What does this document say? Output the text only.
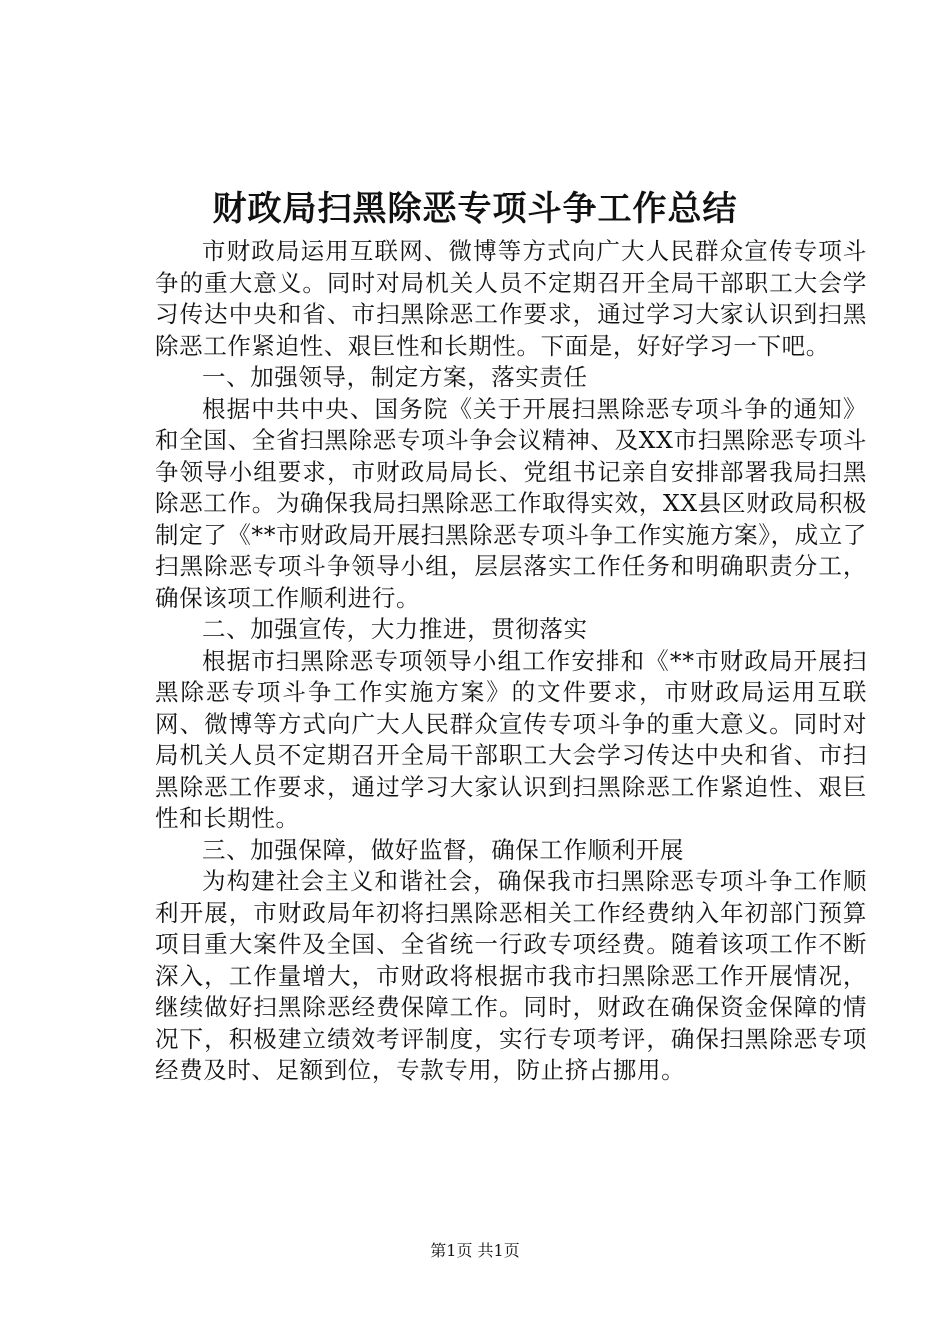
财政局扫黑除恶专项斗争工作总结

市财政局运用互联网、微博等方式向广大人民群众宣传专项斗争的重大意义。同时对局机关人员不定期召开全局干部职工大会学习传达中央和省、市扫黑除恶工作要求，通过学习大家认识到扫黑除恶工作紧迫性、艰巨性和长期性。下面是，好好学习一下吧。

一、加强领导，制定方案，落实责任

根据中共中央、国务院《关于开展扫黑除恶专项斗争的通知》和全国、全省扫黑除恶专项斗争会议精神、及XX市扫黑除恶专项斗争领导小组要求，市财政局局长、党组书记亲自安排部署我局扫黑除恶工作。为确保我局扫黑除恶工作取得实效，XX县区财政局积极制定了《**市财政局开展扫黑除恶专项斗争工作实施方案》，成立了扫黑除恶专项斗争领导小组，层层落实工作任务和明确职责分工，确保该项工作顺利进行。

二、加强宣传，大力推进，贯彻落实

根据市扫黑除恶专项领导小组工作安排和《**市财政局开展扫黑除恶专项斗争工作实施方案》的文件要求，市财政局运用互联网、微博等方式向广大人民群众宣传专项斗争的重大意义。同时对局机关人员不定期召开全局干部职工大会学习传达中央和省、市扫黑除恶工作要求，通过学习大家认识到扫黑除恶工作紧迫性、艰巨性和长期性。

三、加强保障，做好监督，确保工作顺利开展

为构建社会主义和谐社会，确保我市扫黑除恶专项斗争工作顺利开展，市财政局年初将扫黑除恶相关工作经费纳入年初部门预算项目重大案件及全国、全省统一行政专项经费。随着该项工作不断深入，工作量增大，市财政将根据市我市扫黑除恶工作开展情况，继续做好扫黑除恶经费保障工作。同时，财政在确保资金保障的情况下，积极建立绩效考评制度，实行专项考评，确保扫黑除恶专项经费及时、足额到位，专款专用，防止挤占挪用。

第1页 共1页
